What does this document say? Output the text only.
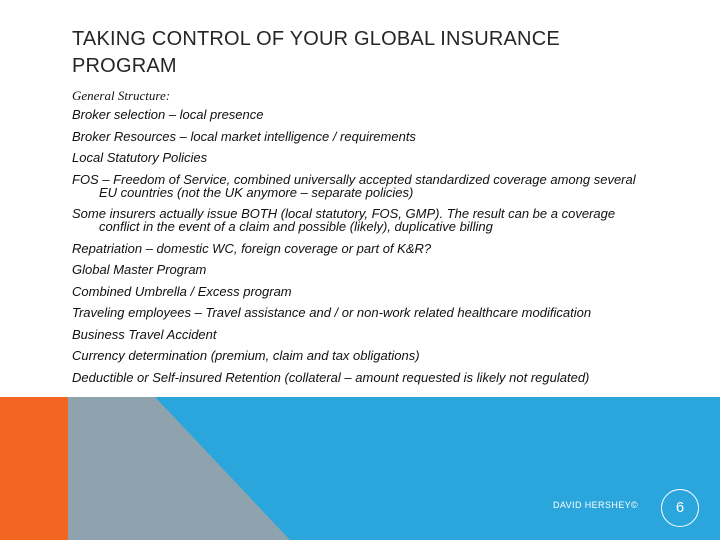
TAKING CONTROL OF YOUR GLOBAL INSURANCE PROGRAM
General Structure:
Broker selection – local presence
Broker Resources – local market intelligence / requirements
Local Statutory Policies
FOS – Freedom of Service, combined universally accepted standardized coverage among several EU countries (not the UK anymore – separate policies)
Some insurers actually issue BOTH (local statutory, FOS, GMP). The result can be a coverage conflict in the event of a claim and possible (likely), duplicative billing
Repatriation – domestic WC, foreign coverage or part of K&R?
Global Master Program
Combined Umbrella / Excess program
Traveling employees – Travel assistance and / or non-work related healthcare modification
Business Travel Accident
Currency determination (premium, claim and tax obligations)
Deductible or Self-insured Retention (collateral – amount requested is likely not regulated)
DAVID HERSHEY©	6
